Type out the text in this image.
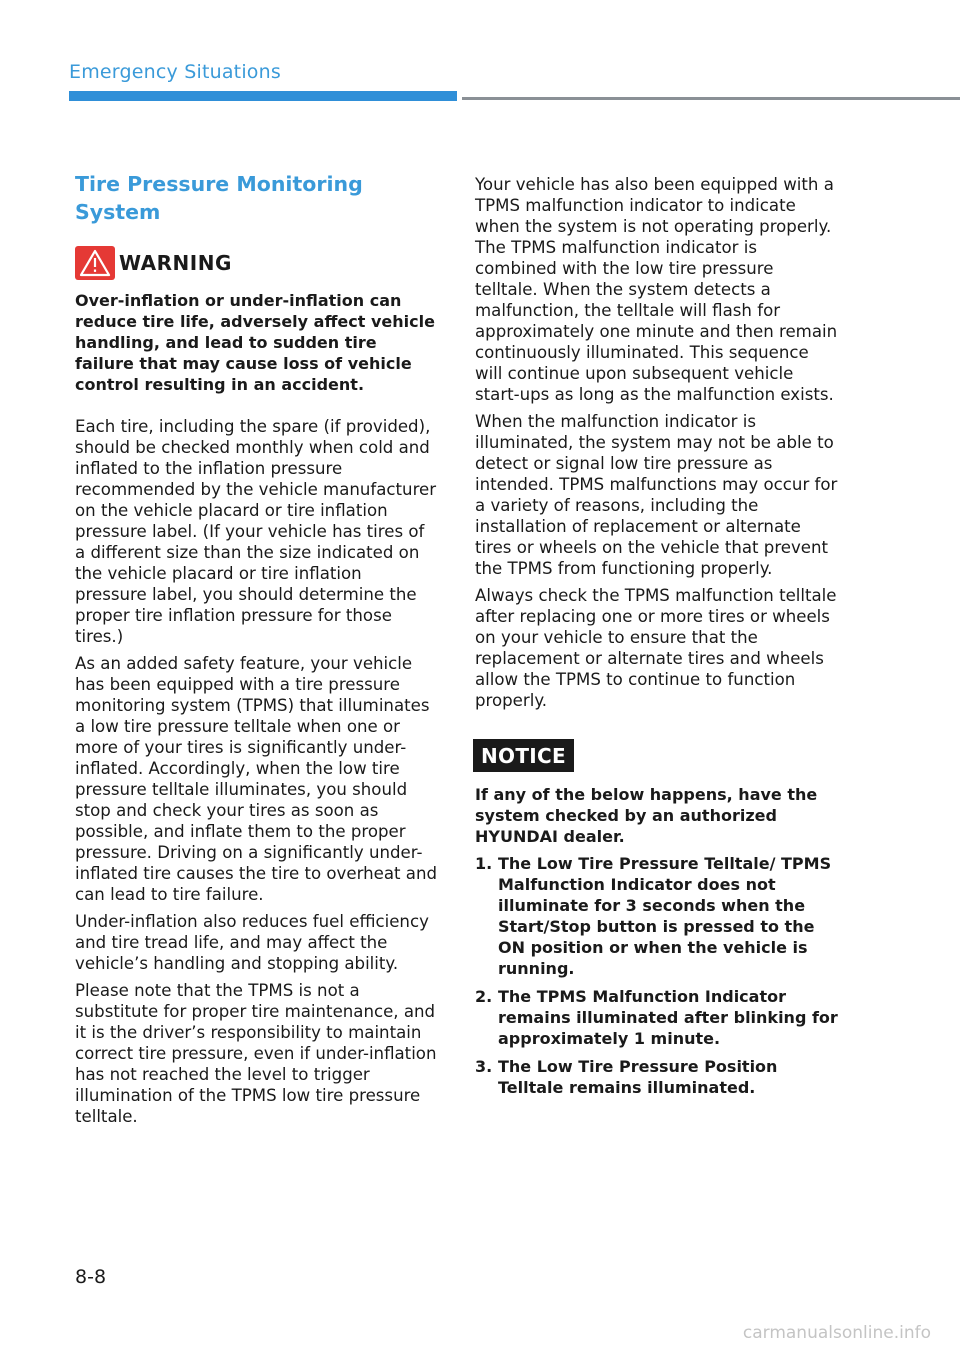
Emergency Situations
Tire Pressure Monitoring System
WARNING

Over-inflation or under-inflation can reduce tire life, adversely affect vehicle handling, and lead to sudden tire failure that may cause loss of vehicle control resulting in an accident.

Each tire, including the spare (if provided), should be checked monthly when cold and inflated to the inflation pressure recommended by the vehicle manufacturer on the vehicle placard or tire inflation pressure label. (If your vehicle has tires of a different size than the size indicated on the vehicle placard or tire inflation pressure label, you should determine the proper tire inflation pressure for those tires.)

As an added safety feature, your vehicle has been equipped with a tire pressure monitoring system (TPMS) that illuminates a low tire pressure telltale when one or more of your tires is significantly under-inflated. Accordingly, when the low tire pressure telltale illuminates, you should stop and check your tires as soon as possible, and inflate them to the proper pressure. Driving on a significantly under-inflated tire causes the tire to overheat and can lead to tire failure.

Under-inflation also reduces fuel efficiency and tire tread life, and may affect the vehicle’s handling and stopping ability.

Please note that the TPMS is not a substitute for proper tire maintenance, and it is the driver’s responsibility to maintain correct tire pressure, even if under-inflation has not reached the level to trigger illumination of the TPMS low tire pressure telltale.

Your vehicle has also been equipped with a TPMS malfunction indicator to indicate when the system is not operating properly. The TPMS malfunction indicator is combined with the low tire pressure telltale. When the system detects a malfunction, the telltale will flash for approximately one minute and then remain continuously illuminated. This sequence will continue upon subsequent vehicle start-ups as long as the malfunction exists.

When the malfunction indicator is illuminated, the system may not be able to detect or signal low tire pressure as intended. TPMS malfunctions may occur for a variety of reasons, including the installation of replacement or alternate tires or wheels on the vehicle that prevent the TPMS from functioning properly.

Always check the TPMS malfunction telltale after replacing one or more tires or wheels on your vehicle to ensure that the replacement or alternate tires and wheels allow the TPMS to continue to function properly.

NOTICE

If any of the below happens, have the system checked by an authorized HYUNDAI dealer.

1. The Low Tire Pressure Telltale/ TPMS Malfunction Indicator does not illuminate for 3 seconds when the Start/Stop button is pressed to the ON position or when the vehicle is running.
2. The TPMS Malfunction Indicator remains illuminated after blinking for approximately 1 minute.
3. The Low Tire Pressure Position Telltale remains illuminated.
8-8
carmanualsonline.info
